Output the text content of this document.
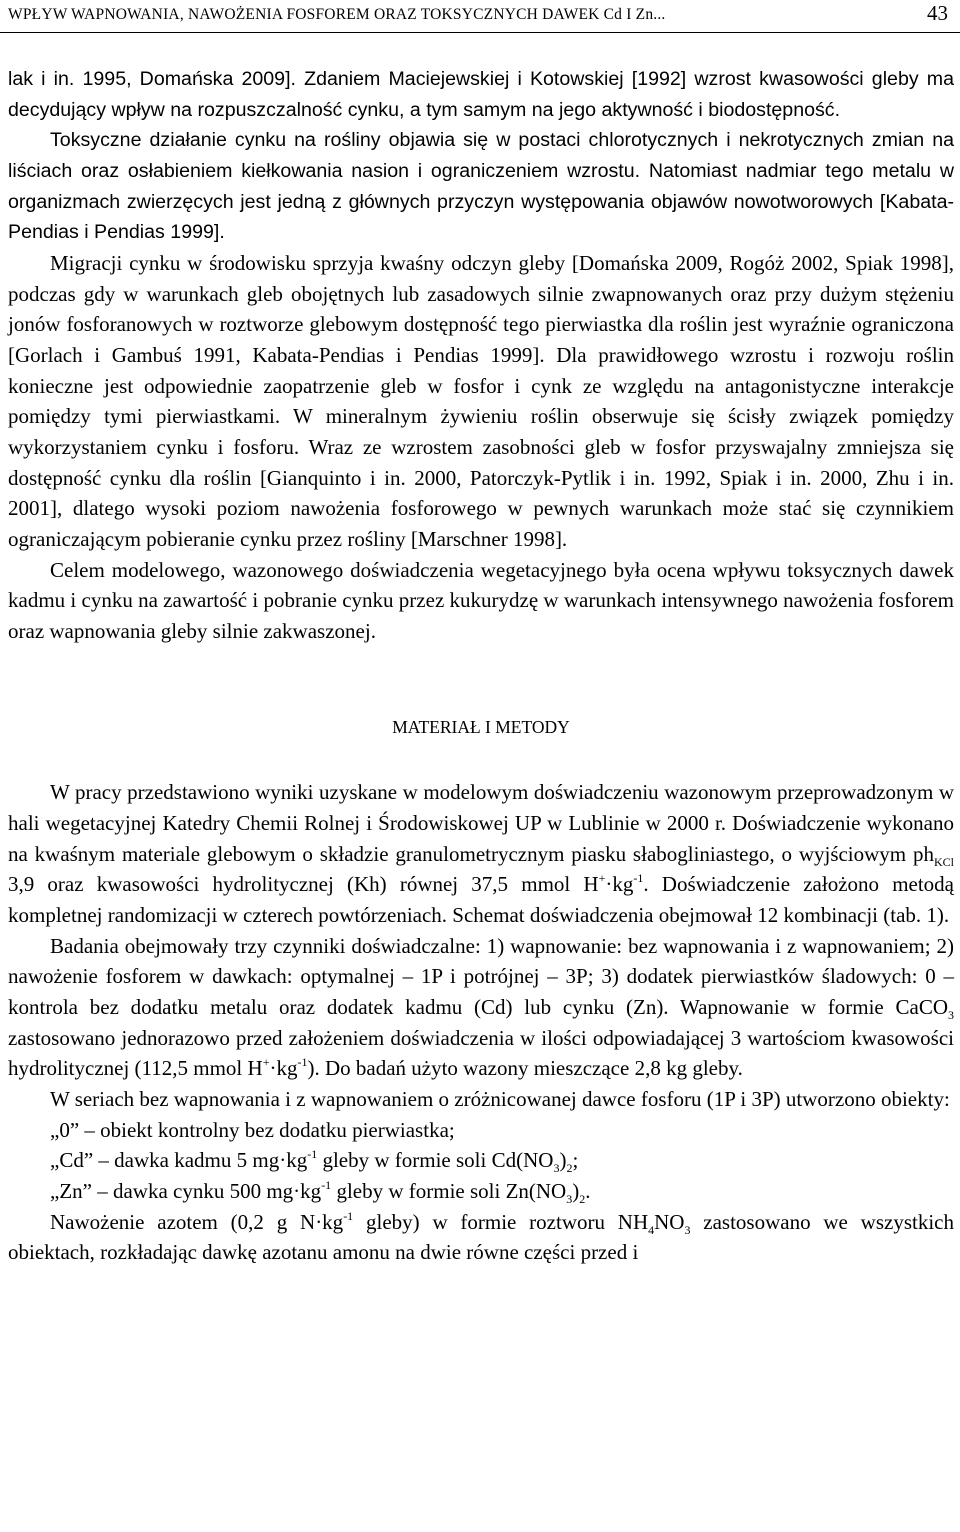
WPŁYW WAPNOWANIA, NAWOŻENIA FOSFOREM ORAZ TOKSYCZNYCH DAWEK Cd I Zn...	43

lak i in. 1995, Domańska 2009]. Zdaniem Maciejewskiej i Kotowskiej [1992] wzrost kwasowości gleby ma decydujący wpływ na rozpuszczalność cynku, a tym samym na jego aktywność i biodostępność.

Toksyczne działanie cynku na rośliny objawia się w postaci chlorotycznych i nekrotycznych zmian na liściach oraz osłabieniem kiełkowania nasion i ograniczeniem wzrostu. Natomiast nadmiar tego metalu w organizmach zwierzęcych jest jedną z głównych przyczyn występowania objawów nowotworowych [Kabata-Pendias i Pendias 1999].

Migracji cynku w środowisku sprzyja kwaśny odczyn gleby [Domańska 2009, Rogóż 2002, Spiak 1998], podczas gdy w warunkach gleb obojętnych lub zasadowych silnie zwapnowanych oraz przy dużym stężeniu jonów fosforanowych w roztworze glebowym dostępność tego pierwiastka dla roślin jest wyraźnie ograniczona [Gorlach i Gambuś 1991, Kabata-Pendias i Pendias 1999]. Dla prawidłowego wzrostu i rozwoju roślin konieczne jest odpowiednie zaopatrzenie gleb w fosfor i cynk ze względu na antagonistyczne interakcje pomiędzy tymi pierwiastkami. W mineralnym żywieniu roślin obserwuje się ścisły związek pomiędzy wykorzystaniem cynku i fosforu. Wraz ze wzrostem zasobności gleb w fosfor przyswajalny zmniejsza się dostępność cynku dla roślin [Gianquinto i in. 2000, Patorczyk-Pytlik i in. 1992, Spiak i in. 2000, Zhu i in. 2001], dlatego wysoki poziom nawożenia fosforowego w pewnych warunkach może stać się czynnikiem ograniczającym pobieranie cynku przez rośliny [Marschner 1998].

Celem modelowego, wazonowego doświadczenia wegetacyjnego była ocena wpływu toksycznych dawek kadmu i cynku na zawartość i pobranie cynku przez kukurydzę w warunkach intensywnego nawożenia fosforem oraz wapnowania gleby silnie zakwaszonej.

MATERIAŁ I METODY

W pracy przedstawiono wyniki uzyskane w modelowym doświadczeniu wazonowym przeprowadzonym w hali wegetacyjnej Katedry Chemii Rolnej i Środowiskowej UP w Lublinie w 2000 r. Doświadczenie wykonano na kwaśnym materiale glebowym o składzie granulometrycznym piasku słabogliniastego, o wyjściowym $ph_{KCl}$ 3,9 oraz kwasowości hydrolitycznej (Kh) równej 37,5 mmol $H^+\cdot kg^{-1}$. Doświadczenie założono metodą kompletnej randomizacji w czterech powtórzeniach. Schemat doświadczenia obejmował 12 kombinacji (tab. 1).

Badania obejmowały trzy czynniki doświadczalne: 1) wapnowanie: bez wapnowania i z wapnowaniem; 2) nawożenie fosforem w dawkach: optymalnej – 1P i potrójnej – 3P; 3) dodatek pierwiastków śladowych: 0 – kontrola bez dodatku metalu oraz dodatek kadmu (Cd) lub cynku (Zn). Wapnowanie w formie CaCO$_3$ zastosowano jednorazowo przed założeniem doświadczenia w ilości odpowiadającej 3 wartościom kwasowości hydrolitycznej (112,5 mmol $H^+\cdot kg^{-1}$). Do badań użyto wazony mieszczące 2,8 kg gleby.

W seriach bez wapnowania i z wapnowaniem o zróżnicowanej dawce fosforu (1P i 3P) utworzono obiekty:

„0” – obiekt kontrolny bez dodatku pierwiastka;

„Cd” – dawka kadmu 5 $mg\cdot kg^{-1}$ gleby w formie soli $Cd(NO_3)_2$;

„Zn” – dawka cynku 500 $mg\cdot kg^{-1}$ gleby w formie soli $Zn(NO_3)_2$.

Nawożenie azotem (0,2 g $N\cdot kg^{-1}$ gleby) w formie roztworu $NH_4NO_3$ zastosowano we wszystkich obiektach, rozkładając dawkę azotanu amonu na dwie równe części przed i
